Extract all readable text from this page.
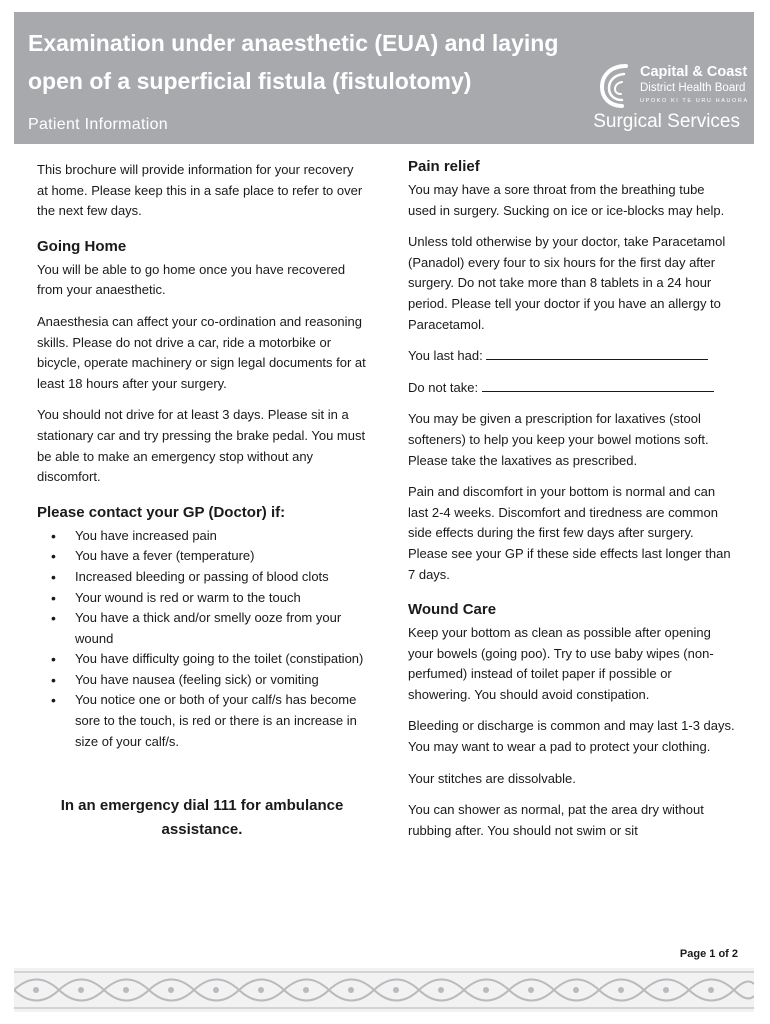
Examination under anaesthetic (EUA) and laying open of a superficial fistula (fistulotomy)	Capital & Coast
District Health Board
UPOKO KI TE URU HAUORA
Patient Information	Surgical Services

This brochure will provide information for your recovery at home. Please keep this in a safe place to refer to over the next few days.

Going Home

You will be able to go home once you have recovered from your anaesthetic.

Anaesthesia can affect your co-ordination and reasoning skills. Please do not drive a car, ride a motorbike or bicycle, operate machinery or sign legal documents for at least 18 hours after your surgery.

You should not drive for at least 3 days. Please sit in a stationary car and try pressing the brake pedal. You must be able to make an emergency stop without any discomfort.

Please contact your GP (Doctor) if:
• You have increased pain
• You have a fever (temperature)
• Increased bleeding or passing of blood clots
• Your wound is red or warm to the touch
• You have a thick and/or smelly ooze from your wound
• You have difficulty going to the toilet (constipation)
• You have nausea (feeling sick) or vomiting
• You notice one or both of your calf/s has become sore to the touch, is red or there is an increase in size of your calf/s.
In an emergency dial 111 for ambulance assistance.
Pain relief

You may have a sore throat from the breathing tube used in surgery. Sucking on ice or ice-blocks may help.

Unless told otherwise by your doctor, take Paracetamol (Panadol) every four to six hours for the first day after surgery. Do not take more than 8 tablets in a 24 hour period. Please tell your doctor if you have an allergy to Paracetamol.

You last had:

Do not take:

You may be given a prescription for laxatives (stool softeners) to help you keep your bowel motions soft. Please take the laxatives as prescribed.

Pain and discomfort in your bottom is normal and can last 2-4 weeks. Discomfort and tiredness are common side effects during the first few days after surgery. Please see your GP if these side effects last longer than 7 days.

Wound Care

Keep your bottom as clean as possible after opening your bowels (going poo). Try to use baby wipes (non-perfumed) instead of toilet paper if possible or showering. You should avoid constipation.

Bleeding or discharge is common and may last 1-3 days. You may want to wear a pad to protect your clothing.

Your stitches are dissolvable.

You can shower as normal, pat the area dry without rubbing after. You should not swim or sit

Page 1 of 2
